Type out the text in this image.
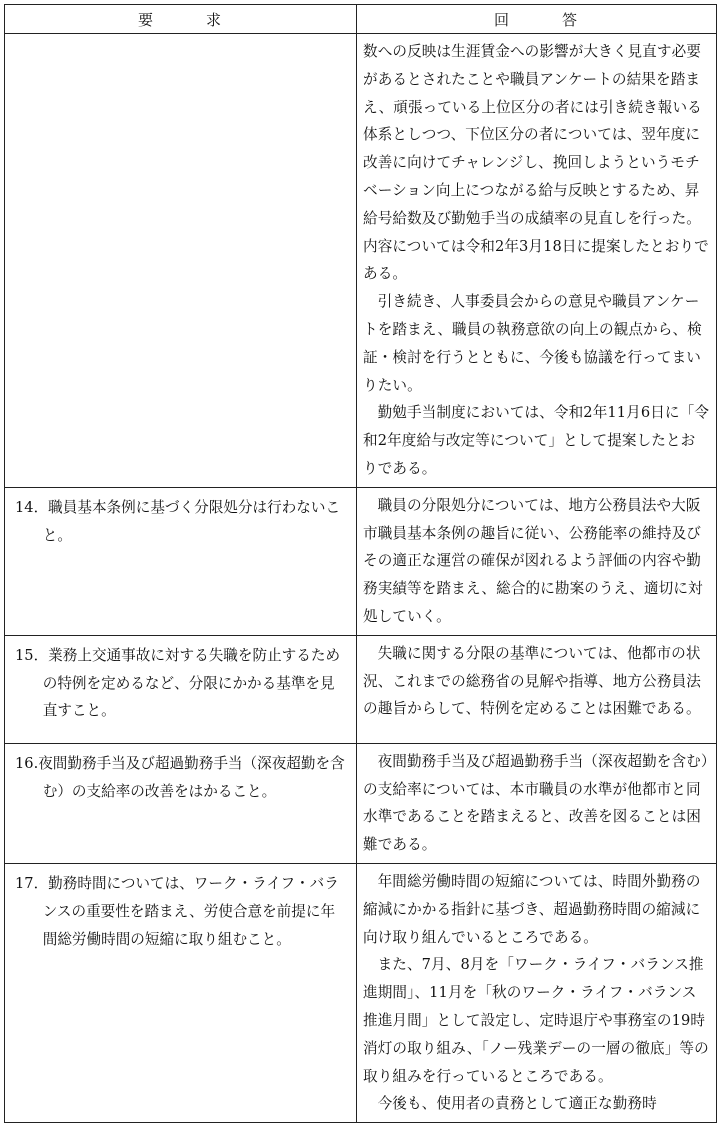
要　　　求	回　　　答

	数への反映は生涯賃金への影響が大きく見直す必要があるとされたことや職員アンケートの結果を踏まえ、頑張っている上位区分の者には引き続き報いる体系としつつ、下位区分の者については、翌年度に改善に向けてチャレンジし、挽回しようというモチベーション向上につながる給与反映とするため、昇給号給数及び勤勉手当の成績率の見直しを行った。内容については令和2年3月18日に提案したとおりである。

引き続き、人事委員会からの意見や職員アンケートを踏まえ、職員の執務意欲の向上の観点から、検証・検討を行うとともに、今後も協議を行ってまいりたい。

勤勉手当制度においては、令和2年11月6日に「令和2年度給与改定等について」として提案したとおりである。

14．職員基本条例に基づく分限処分は行わないこと。	職員の分限処分については、地方公務員法や大阪市職員基本条例の趣旨に従い、公務能率の維持及びその適正な運営の確保が図れるよう評価の内容や勤務実績等を踏まえ、総合的に勘案のうえ、適切に対処していく。

15．業務上交通事故に対する失職を防止するための特例を定めるなど、分限にかかる基準を見直すこと。	失職に関する分限の基準については、他都市の状況、これまでの総務省の見解や指導、地方公務員法の趣旨からして、特例を定めることは困難である。

16.夜間勤務手当及び超過勤務手当（深夜超勤を含む）の支給率の改善をはかること。	夜間勤務手当及び超過勤務手当（深夜超勤を含む）の支給率については、本市職員の水準が他都市と同水準であることを踏まえると、改善を図ることは困難である。

17．勤務時間については、ワーク・ライフ・バランスの重要性を踏まえ、労使合意を前提に年間総労働時間の短縮に取り組むこと。	年間総労働時間の短縮については、時間外勤務の縮減にかかる指針に基づき、超過勤務時間の縮減に向け取り組んでいるところである。

また、7月、8月を「ワーク・ライフ・バランス推進期間」、11月を「秋のワーク・ライフ・バランス推進月間」として設定し、定時退庁や事務室の19時消灯の取り組み、「ノー残業デーの一層の徹底」等の取り組みを行っているところである。

今後も、使用者の責務として適正な勤務時
